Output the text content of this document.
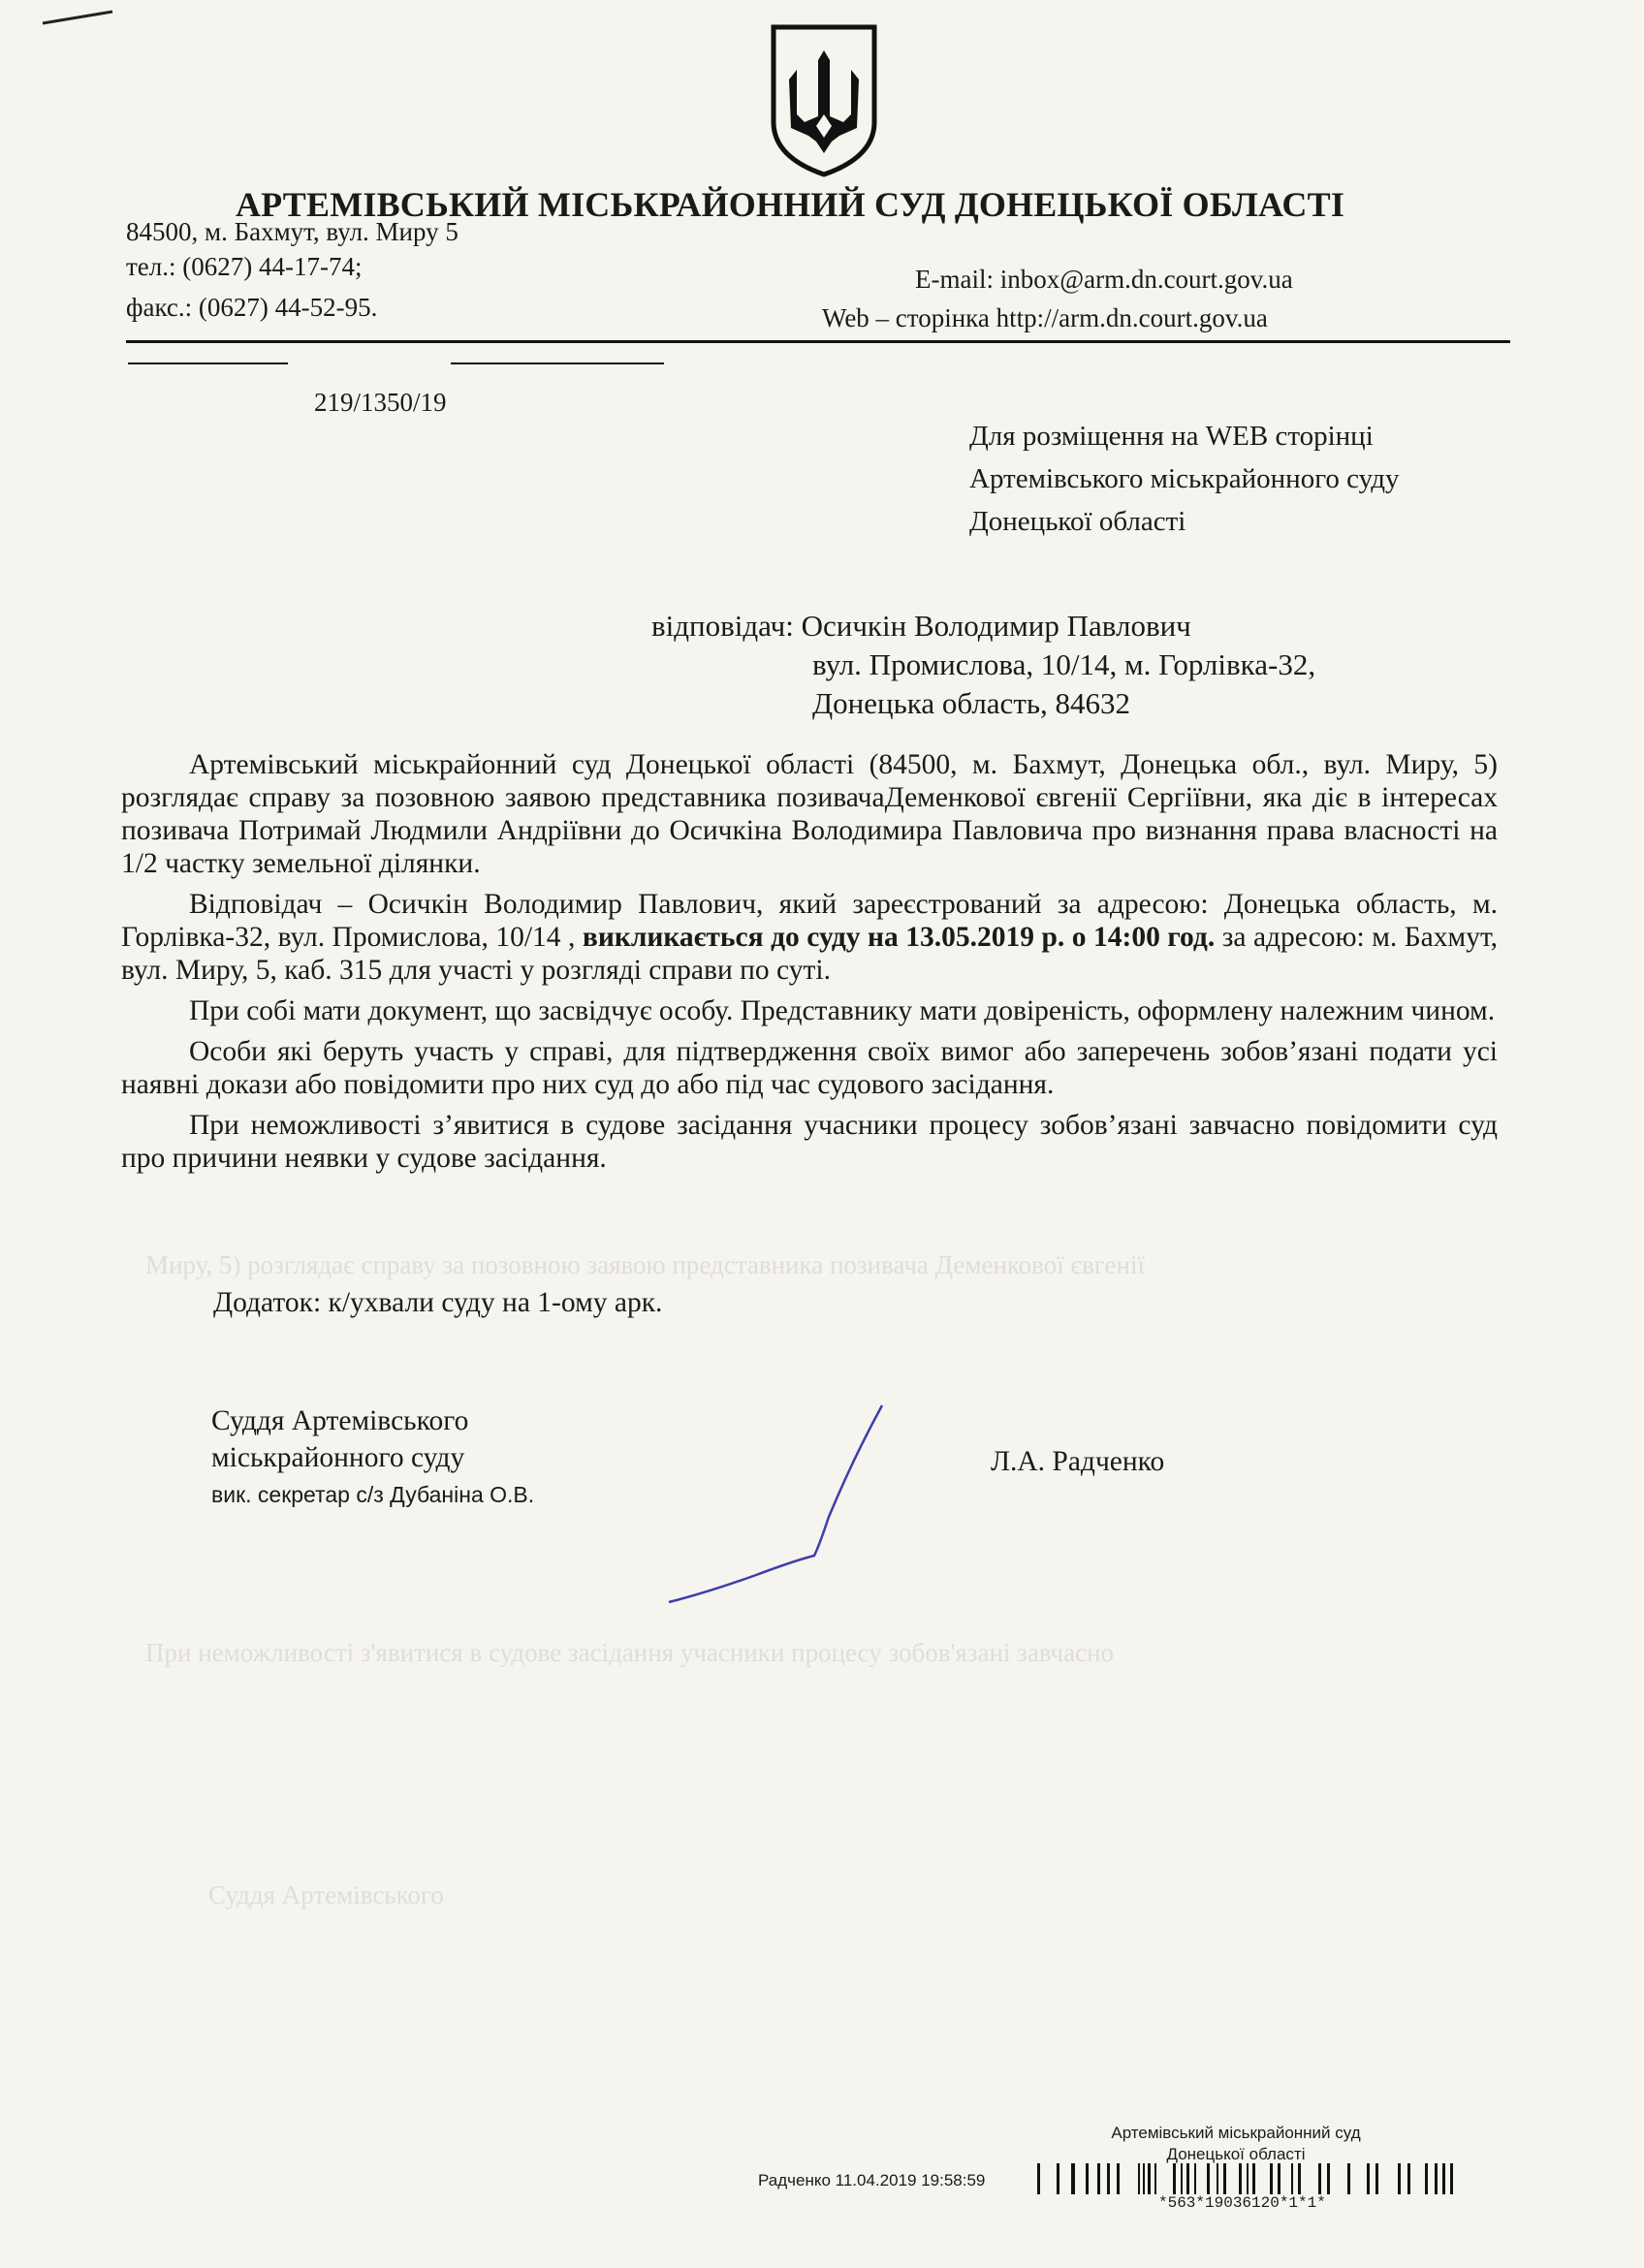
АРТЕМІВСЬКИЙ МІСЬКРАЙОННИЙ СУД ДОНЕЦЬКОЇ ОБЛАСТІ
84500, м. Бахмут, вул. Миру 5
тел.: (0627) 44-17-74;
факс.: (0627) 44-52-95.
E-mail: inbox@arm.dn.court.gov.ua
Web – сторінка http://arm.dn.court.gov.ua

219/1350/19

Для розміщення на WEB сторінці
Артемівського міськрайонного суду
Донецької області
відповідач: Осичкін Володимир Павлович
вул. Промислова, 10/14, м. Горлівка-32,
Донецька область, 84632

Артемівський міськрайонний суд Донецької області (84500, м. Бахмут, Донецька обл., вул. Миру, 5) розглядає справу за позовною заявою представника позивачаДеменкової євгенії Сергіївни, яка діє в інтересах позивача Потримай Людмили Андріївни до Осичкіна Володимира Павловича про визнання права власності на 1/2 частку земельної ділянки.

Відповідач – Осичкін Володимир Павлович, який зареєстрований за адресою: Донецька область, м. Горлівка-32, вул. Промислова, 10/14 , викликається до суду на 13.05.2019 р. о 14:00 год. за адресою: м. Бахмут, вул. Миру, 5, каб. 315 для участі у розгляді справи по суті.

При собі мати документ, що засвідчує особу. Представнику мати довіреність, оформлену належним чином.

Особи які беруть участь у справі, для підтвердження своїх вимог або заперечень зобов’язані подати усі наявні докази або повідомити про них суд до або під час судового засідання.

При неможливості з’явитися в судове засідання учасники процесу зобов’язані завчасно повідомити суд про причини неявки у судове засідання.

Додаток: к/ухвали суду на 1-ому арк.
Суддя Артемівського
міськрайонного суду
вик. секретар с/з Дубаніна О.В.
Л.А. Радченко
Миру, 5) розглядає справу за позовною заявою представника позивача Деменкової євгенії
При неможливості з'явитися в судове засідання учасники процесу зобов'язані завчасно
Суддя Артемівського
Артемівський міськрайонний суд
Донецької області
Радченко 11.04.2019 19:58:59
*563*19036120*1*1*
